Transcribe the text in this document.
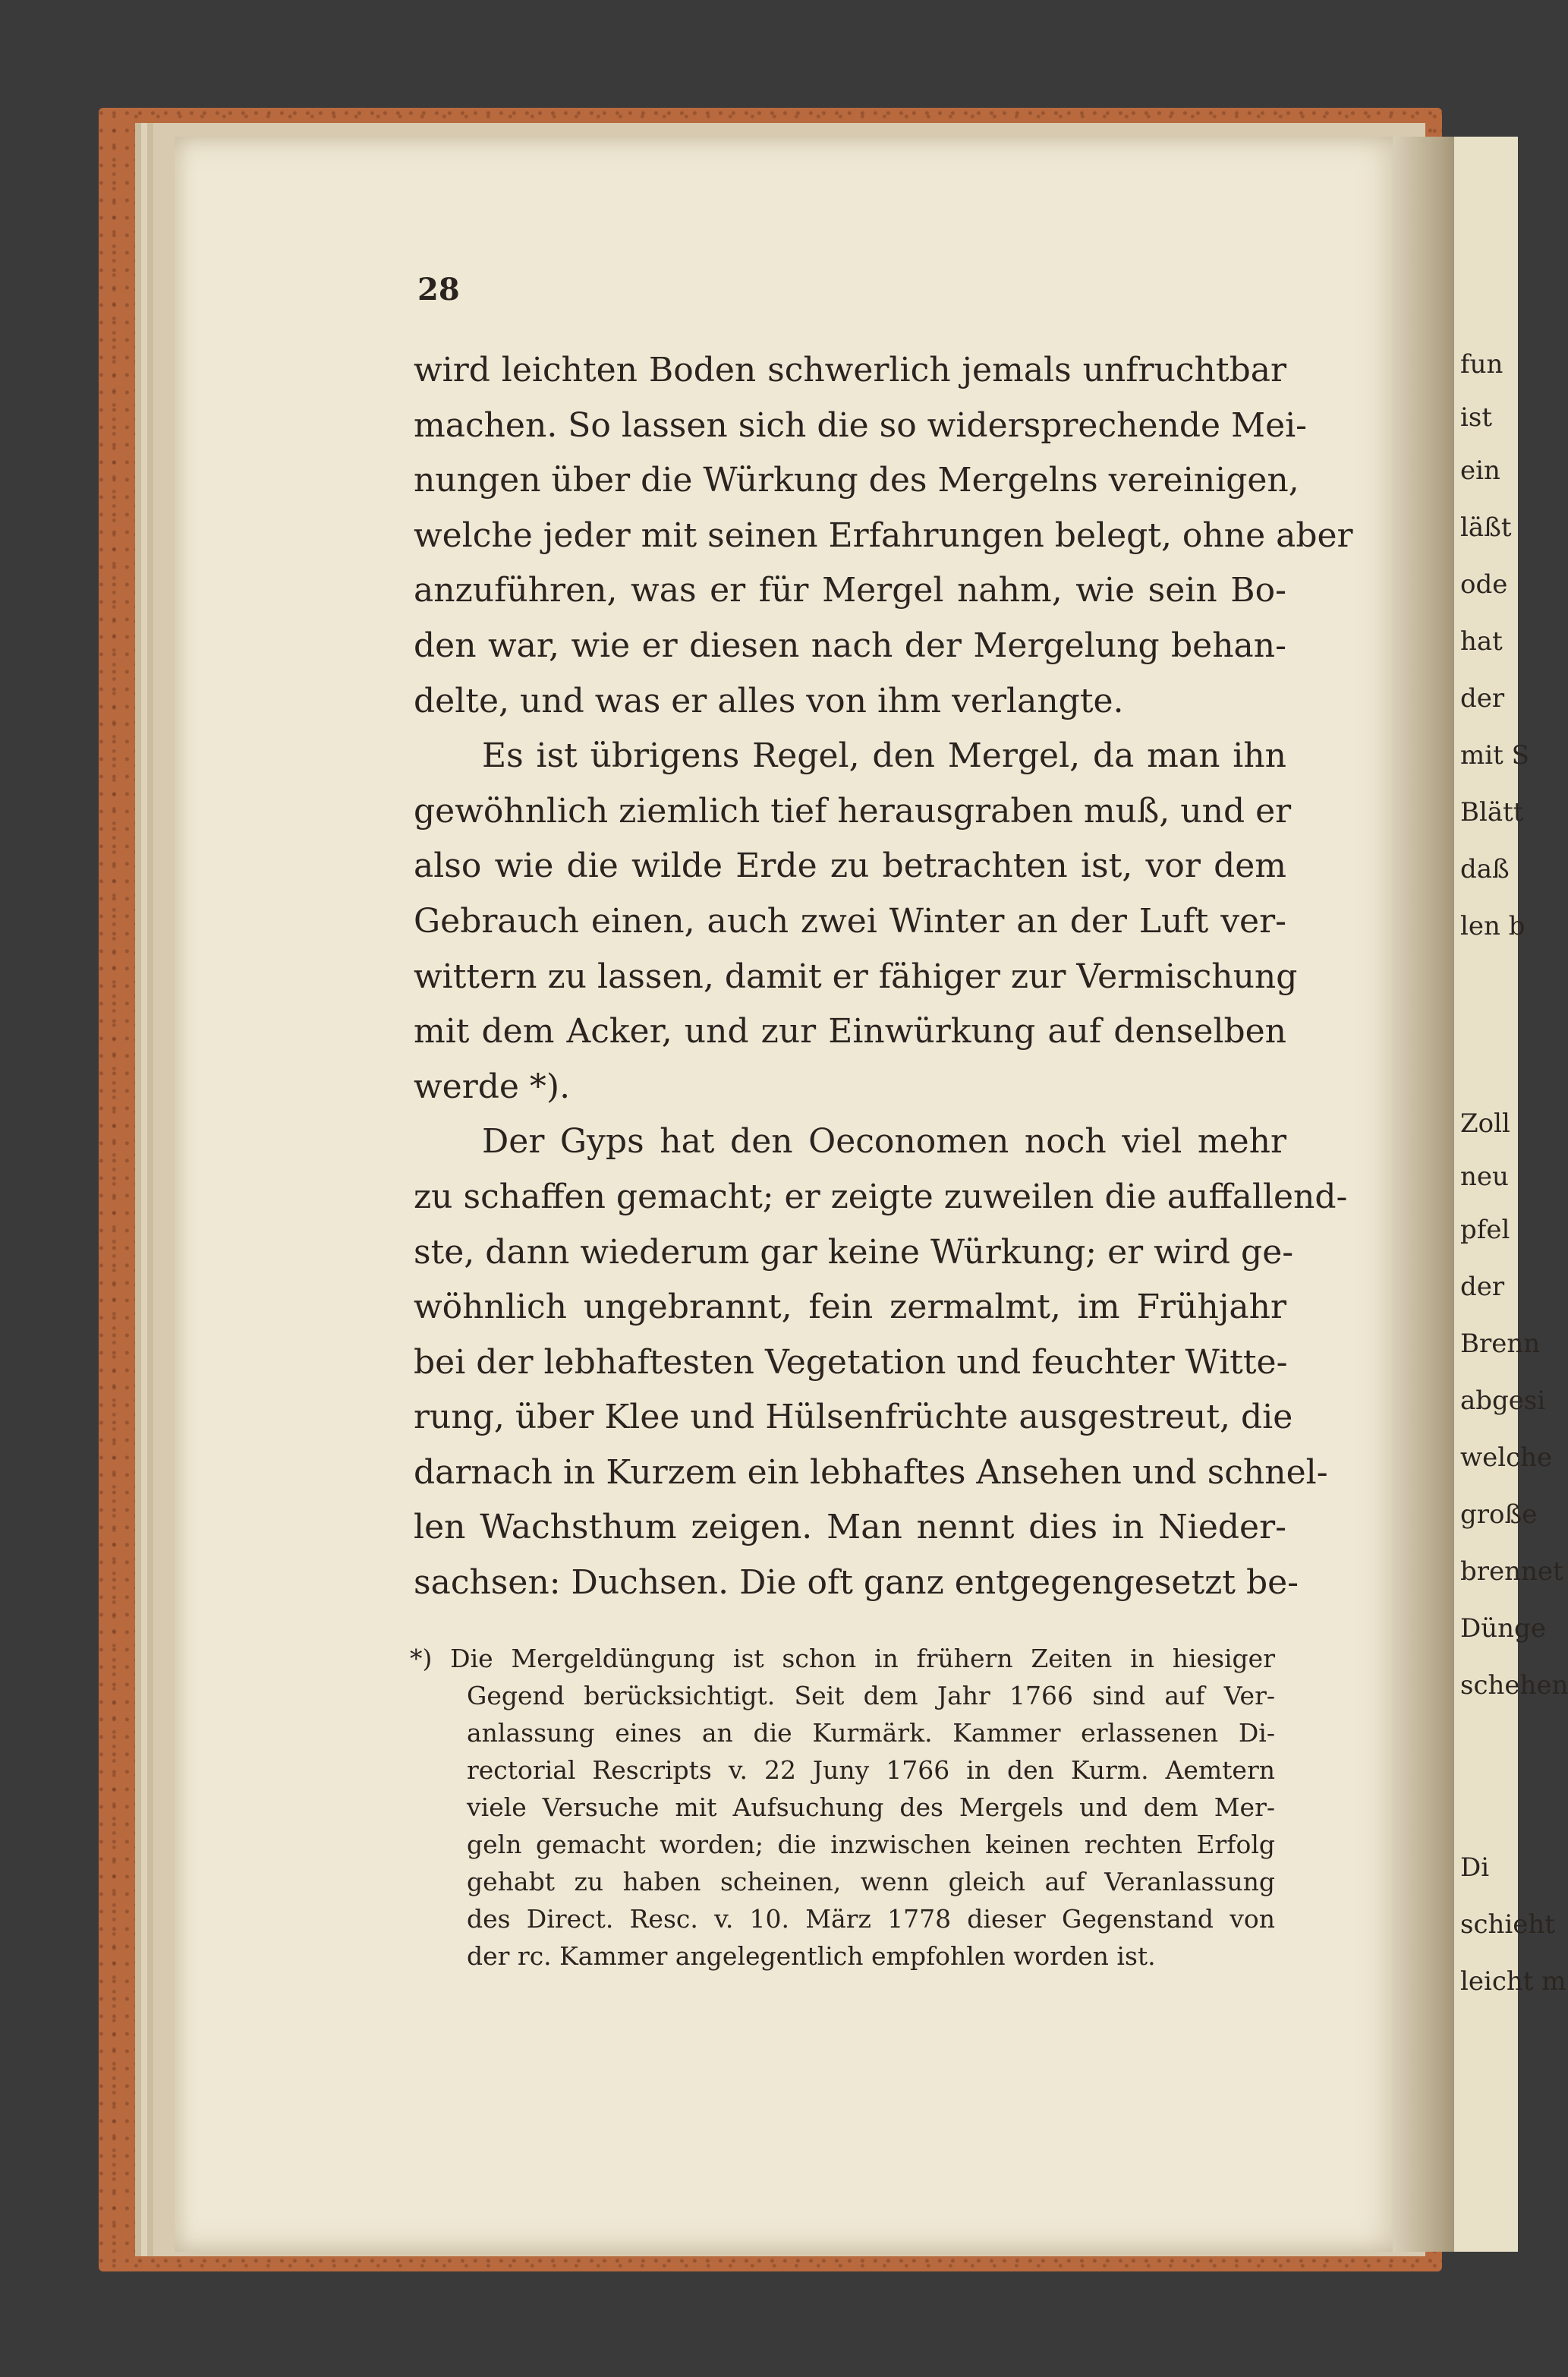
fun
ist
ein
läßt
ode
hat
der
mit S
Blätt
daß
len b
Zoll
neu
pfel
der
Brenn
abgesi
welche
große
brennet
Dünge
schehen
Di
schieht
leicht m
28
wird leichten Boden schwerlich jemals unfruchtbar
machen. So lassen sich die so widersprechende Mei-
nungen über die Würkung des Mergelns vereinigen,
welche jeder mit seinen Erfahrungen belegt, ohne aber
anzuführen, was er für Mergel nahm, wie sein Bo-
den war, wie er diesen nach der Mergelung behan-
delte, und was er alles von ihm verlangte.
Es ist übrigens Regel, den Mergel, da man ihn
gewöhnlich ziemlich tief herausgraben muß, und er
also wie die wilde Erde zu betrachten ist, vor dem
Gebrauch einen, auch zwei Winter an der Luft ver-
wittern zu lassen, damit er fähiger zur Vermischung
mit dem Acker, und zur Einwürkung auf denselben
werde *).
Der Gyps hat den Oeconomen noch viel mehr
zu schaffen gemacht; er zeigte zuweilen die auffallend-
ste, dann wiederum gar keine Würkung; er wird ge-
wöhnlich ungebrannt, fein zermalmt, im Frühjahr
bei der lebhaftesten Vegetation und feuchter Witte-
rung, über Klee und Hülsenfrüchte ausgestreut, die
darnach in Kurzem ein lebhaftes Ansehen und schnel-
len Wachsthum zeigen. Man nennt dies in Nieder-
sachsen: Duchsen. Die oft ganz entgegengesetzt be-
*) Die Mergeldüngung ist schon in frühern Zeiten in hiesiger
Gegend berücksichtigt. Seit dem Jahr 1766 sind auf Ver-
anlassung eines an die Kurmärk. Kammer erlassenen Di-
rectorial Rescripts v. 22 Juny 1766 in den Kurm. Aemtern
viele Versuche mit Aufsuchung des Mergels und dem Mer-
geln gemacht worden; die inzwischen keinen rechten Erfolg
gehabt zu haben scheinen, wenn gleich auf Veranlassung
des Direct. Resc. v. 10. März 1778 dieser Gegenstand von
der rc. Kammer angelegentlich empfohlen worden ist.
